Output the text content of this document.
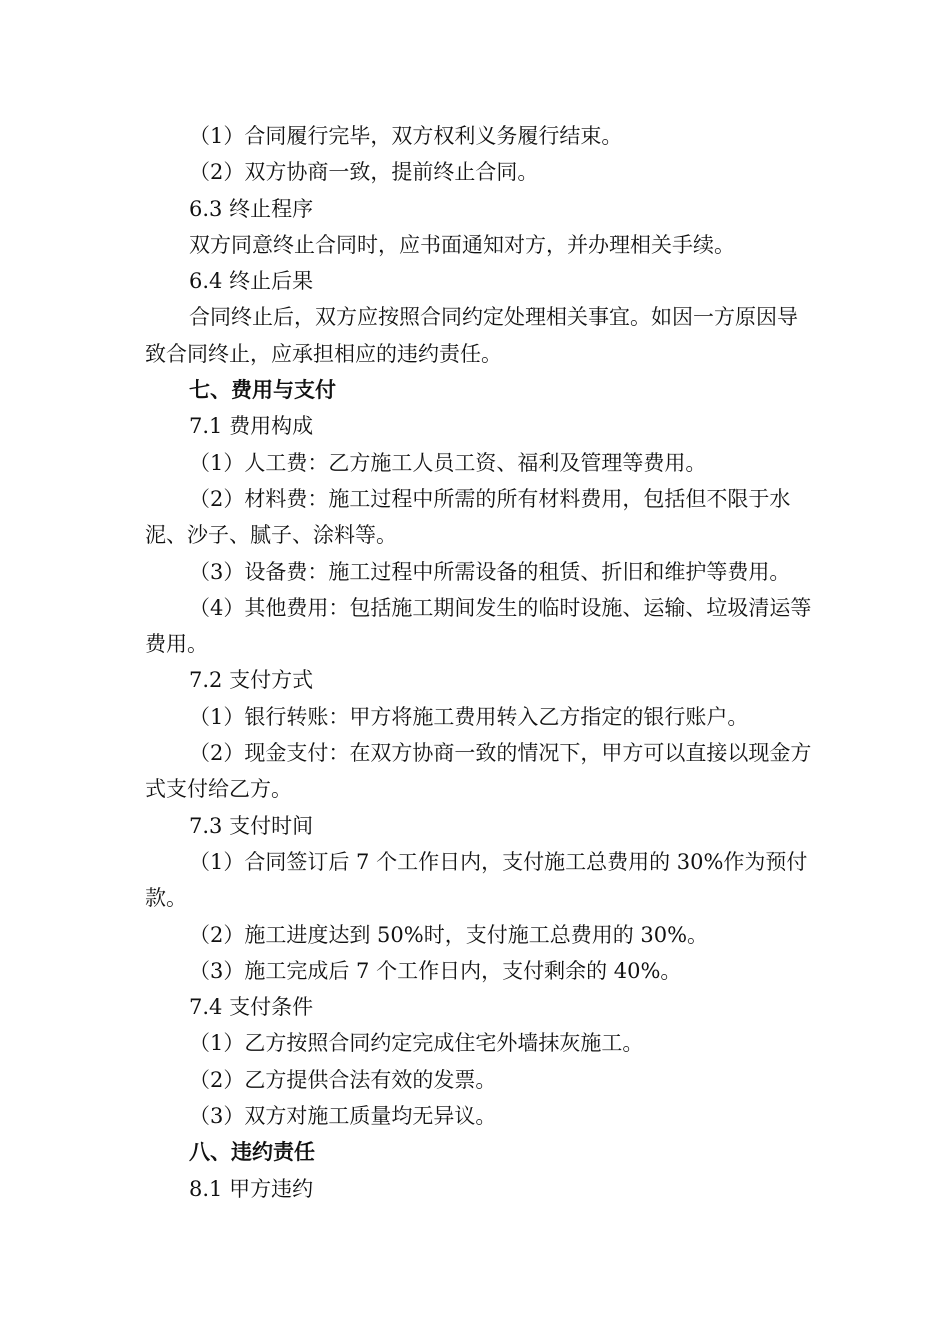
（1）合同履行完毕，双方权利义务履行结束。

（2）双方协商一致，提前终止合同。

6.3 终止程序

双方同意终止合同时，应书面通知对方，并办理相关手续。

6.4 终止后果

合同终止后，双方应按照合同约定处理相关事宜。如因一方原因导致合同终止，应承担相应的违约责任。

七、费用与支付

7.1 费用构成

（1）人工费：乙方施工人员工资、福利及管理等费用。

（2）材料费：施工过程中所需的所有材料费用，包括但不限于水泥、沙子、腻子、涂料等。

（3）设备费：施工过程中所需设备的租赁、折旧和维护等费用。

（4）其他费用：包括施工期间发生的临时设施、运输、垃圾清运等费用。

7.2 支付方式

（1）银行转账：甲方将施工费用转入乙方指定的银行账户。

（2）现金支付：在双方协商一致的情况下，甲方可以直接以现金方式支付给乙方。

7.3 支付时间

（1）合同签订后 7 个工作日内，支付施工总费用的 30%作为预付款。

（2）施工进度达到 50%时，支付施工总费用的 30%。

（3）施工完成后 7 个工作日内，支付剩余的 40%。

7.4 支付条件

（1）乙方按照合同约定完成住宅外墙抹灰施工。

（2）乙方提供合法有效的发票。

（3）双方对施工质量均无异议。

八、违约责任

8.1 甲方违约
